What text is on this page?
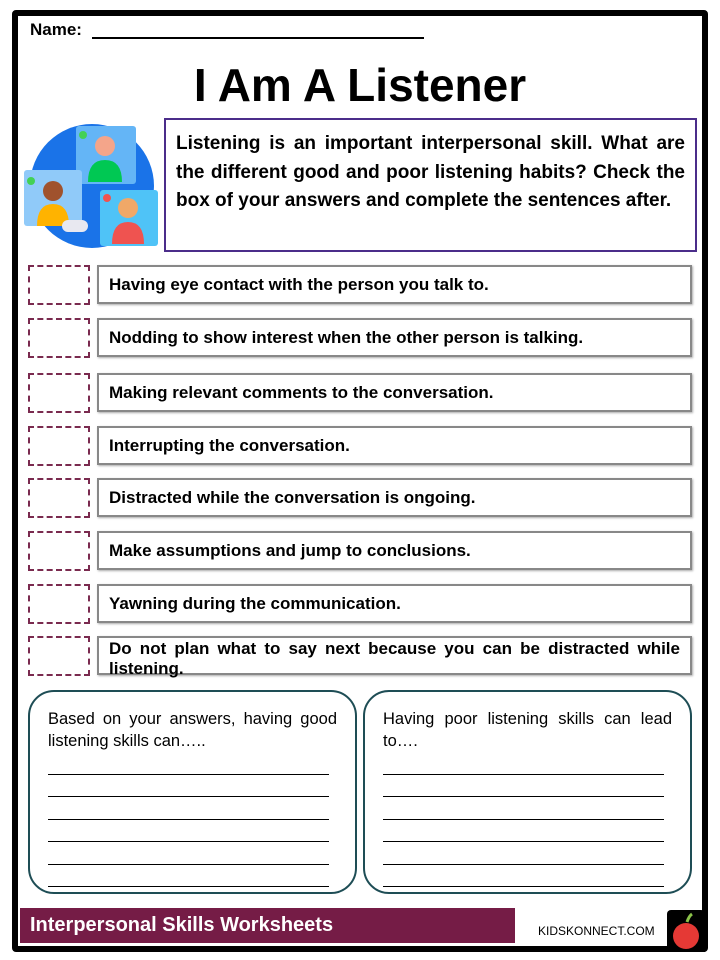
Name:
I Am A Listener
Listening is an important interpersonal skill. What are the different good and poor listening habits? Check the box of your answers and complete the sentences after.
Having eye contact with the person you talk to.
Nodding to show interest when the other person is talking.
Making relevant comments to the conversation.
Interrupting the conversation.
Distracted while the conversation is ongoing.
Make assumptions and jump to conclusions.
Yawning during the communication.
Do not plan what to say next because you can be distracted while listening.
Based on your answers, having good listening skills can…..
Having poor listening skills can lead to….
Interpersonal Skills Worksheets	KIDSKONNECT.COM
